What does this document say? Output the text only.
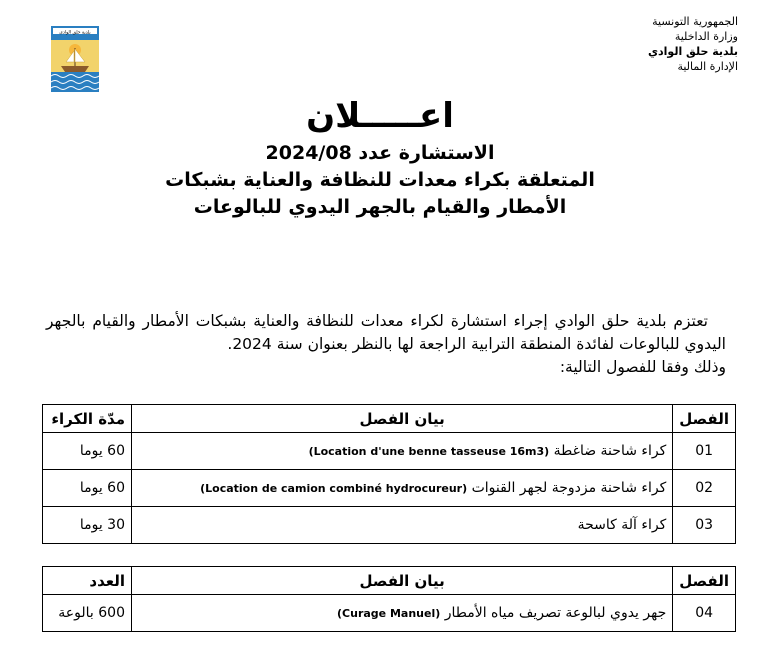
الجمهورية التونسية
وزارة الداخلية
بلدية حلق الوادي
الإدارة المالية
بلدية حلق الوادي
اعـــــلان
الاستشارة عدد 2024/08
المتعلقة بكراء معدات للنظافة والعناية بشبكات
الأمطار والقيام بالجهر اليدوي للبالوعات

تعتزم بلدية حلق الوادي إجراء استشارة لكراء معدات للنظافة والعناية بشبكات الأمطار والقيام بالجهر اليدوي للبالوعات لفائدة المنطقة الترابية الراجعة لها بالنظر بعنوان سنة 2024.

وذلك وفقا للفصول التالية:

الفصل	بيان الفصل	مدّة الكراء
01	كراء شاحنة ضاغطة (Location d'une benne tasseuse 16m3)	60 يوما
02	كراء شاحنة مزدوجة لجهر القنوات (Location de camion combiné hydrocureur)	60 يوما
03	كراء آلة كاسحة	30 يوما
الفصل	بيان الفصل	العدد
04	جهر يدوي لبالوعة تصريف مياه الأمطار (Curage Manuel)	600 بالوعة
